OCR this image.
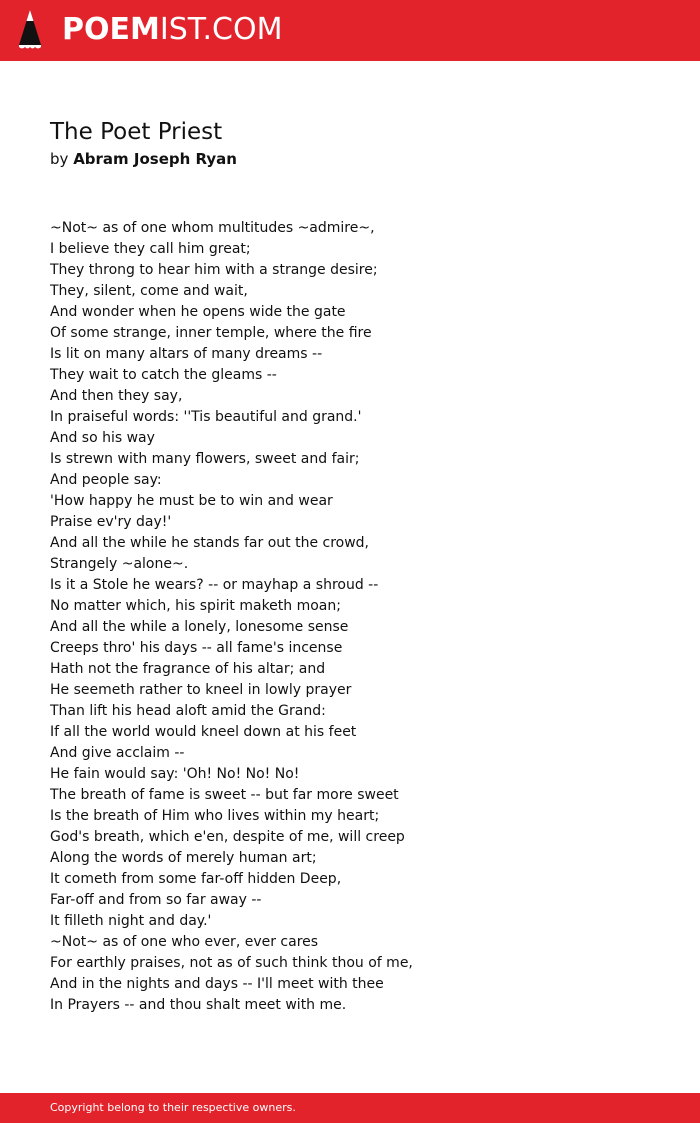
POEMIST.COM
The Poet Priest
by Abram Joseph Ryan
~Not~ as of one whom multitudes ~admire~,
I believe they call him great;
They throng to hear him with a strange desire;
They, silent, come and wait,
And wonder when he opens wide the gate
Of some strange, inner temple, where the fire
Is lit on many altars of many dreams --
They wait to catch the gleams --
And then they say,
In praiseful words: ''Tis beautiful and grand.'
And so his way
Is strewn with many flowers, sweet and fair;
And people say:
'How happy he must be to win and wear
Praise ev'ry day!'
And all the while he stands far out the crowd,
Strangely ~alone~.
Is it a Stole he wears? -- or mayhap a shroud --
No matter which, his spirit maketh moan;
And all the while a lonely, lonesome sense
Creeps thro' his days -- all fame's incense
Hath not the fragrance of his altar; and
He seemeth rather to kneel in lowly prayer
Than lift his head aloft amid the Grand:
If all the world would kneel down at his feet
And give acclaim --
He fain would say: 'Oh! No! No! No!
The breath of fame is sweet -- but far more sweet
Is the breath of Him who lives within my heart;
God's breath, which e'en, despite of me, will creep
Along the words of merely human art;
It cometh from some far-off hidden Deep,
Far-off and from so far away --
It filleth night and day.'
~Not~ as of one who ever, ever cares
For earthly praises, not as of such think thou of me,
And in the nights and days -- I'll meet with thee
In Prayers -- and thou shalt meet with me.
Copyright belong to their respective owners.
